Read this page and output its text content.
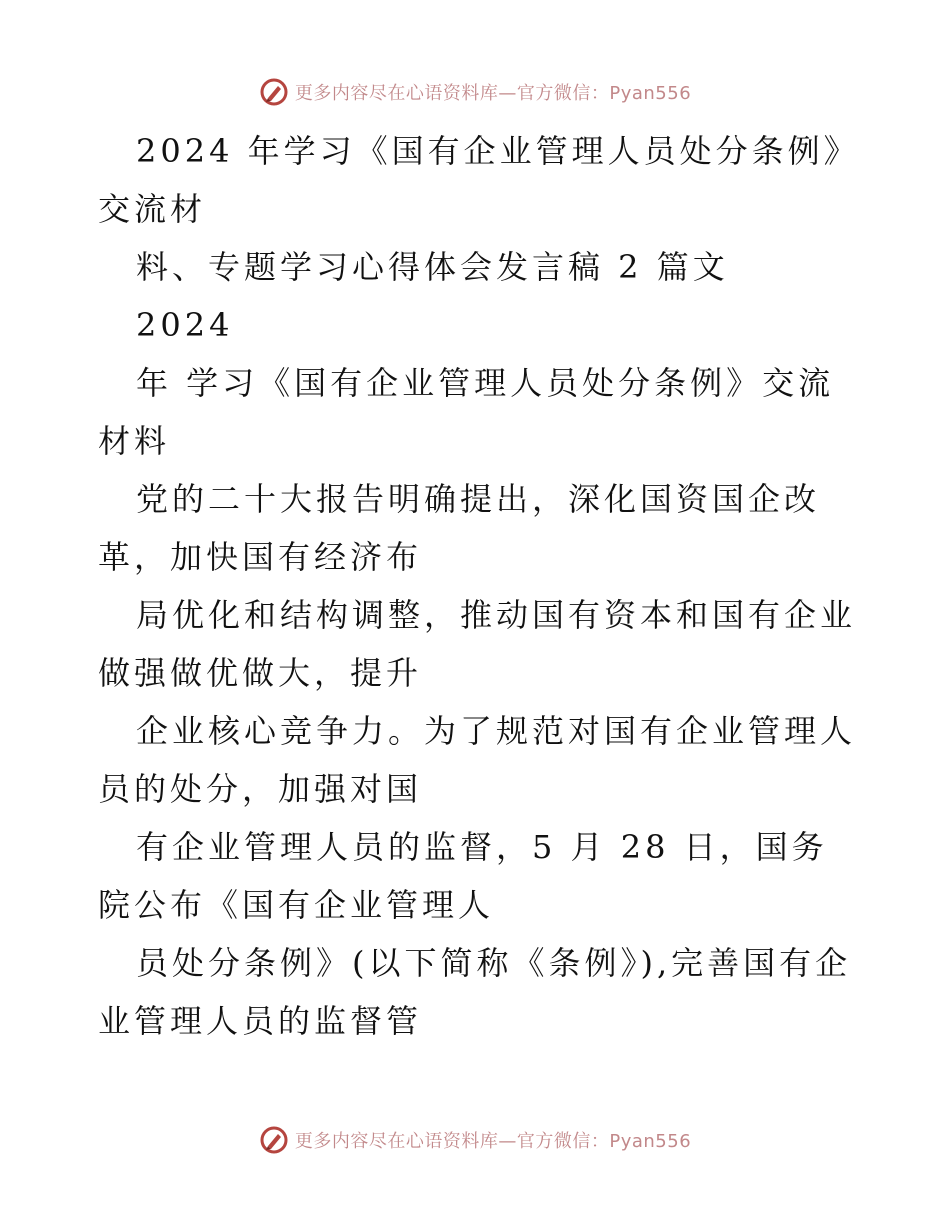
更多内容尽在心语资料库—官方微信：Pyan556

2024 年学习《国有企业管理人员处分条例》交流材

料、专题学习心得体会发言稿 2 篇文

2024

年 学习《国有企业管理人员处分条例》交流材料

党的二十大报告明确提出，深化国资国企改革，加快国有经济布

局优化和结构调整，推动国有资本和国有企业做强做优做大，提升

企业核心竞争力。为了规范对国有企业管理人员的处分，加强对国

有企业管理人员的监督，5 月 28 日，国务院公布《国有企业管理人

员处分条例》(以下简称《条例》),完善国有企业管理人员的监督管

更多内容尽在心语资料库—官方微信：Pyan556
